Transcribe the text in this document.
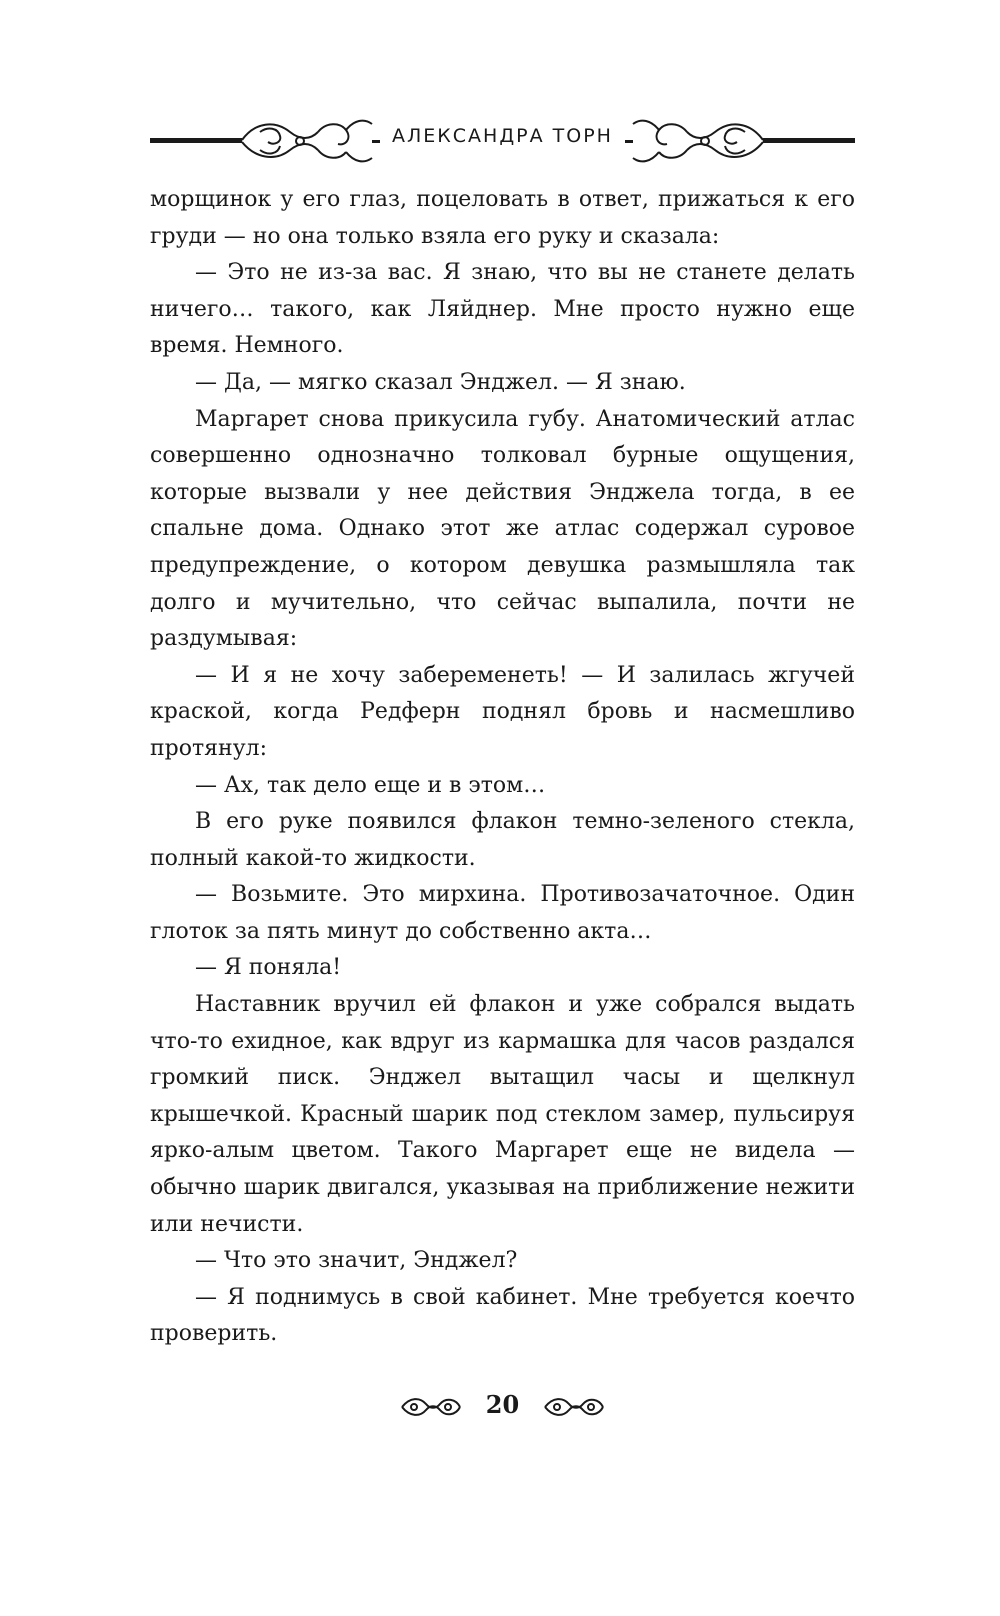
АЛЕКСАНДРА ТОРН

морщинок у его глаз, поцеловать в ответ, прижаться к его груди — но она только взяла его руку и сказала:

— Это не из-за вас. Я знаю, что вы не станете делать ничего… такого, как Ляйднер. Мне просто нужно еще время. Немного.

— Да, — мягко сказал Энджел. — Я знаю.

Маргарет снова прикусила губу. Анатомический атлас совершенно однозначно толковал бурные ощущения, которые вызвали у нее действия Энджела тогда, в ее спальне дома. Однако этот же атлас содержал суровое предупреждение, о котором девушка размышляла так долго и мучительно, что сейчас выпалила, почти не раздумывая:

— И я не хочу забеременеть! — И залилась жгучей краской, когда Редферн поднял бровь и насмешливо протянул:

— Ах, так дело еще и в этом…

В его руке появился флакон темно-зеленого стекла, полный какой-то жидкости.

— Возьмите. Это мирхина. Противозачаточное. Один глоток за пять минут до собственно акта…

— Я поняла!

Наставник вручил ей флакон и уже собрался выдать что-то ехидное, как вдруг из кармашка для часов раздался громкий писк. Энджел вытащил часы и щелкнул крышечкой. Красный шарик под стеклом замер, пульсируя ярко-алым цветом. Такого Маргарет еще не видела — обычно шарик двигался, указывая на приближение нежити или нечисти.

— Что это значит, Энджел?

— Я поднимусь в свой кабинет. Мне требуется коечто проверить.

20
